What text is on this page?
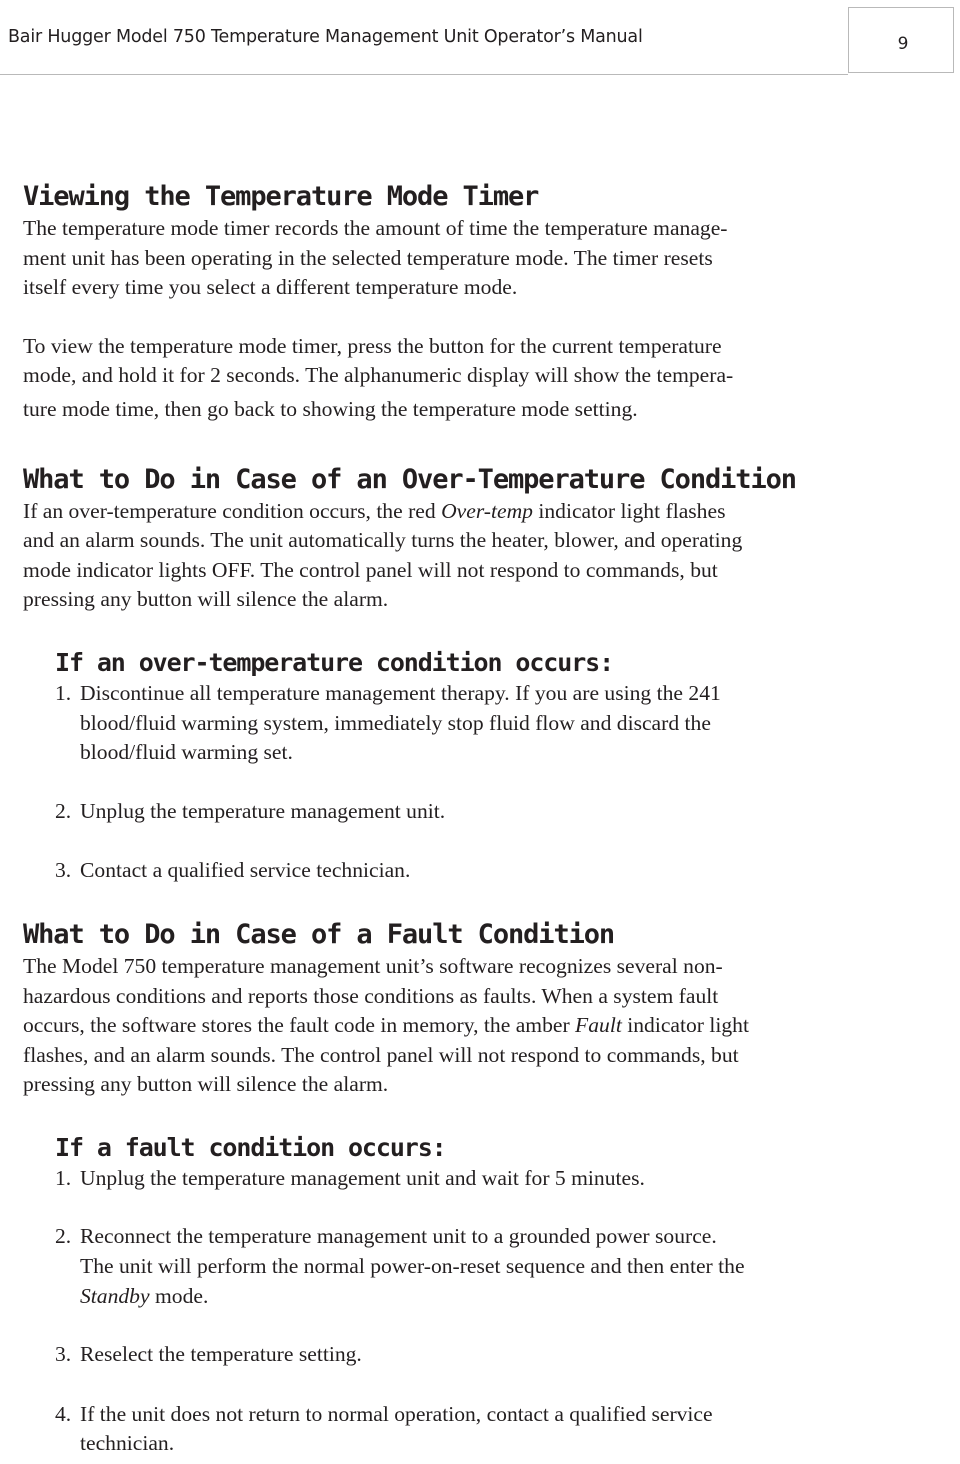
Bair Hugger Model 750 Temperature Management Unit Operator’s Manual	9
Viewing the Temperature Mode Timer

The temperature mode timer records the amount of time the temperature manage-
ment unit has been operating in the selected temperature mode. The timer resets
itself every time you select a different temperature mode.

To view the temperature mode timer, press the button for the current temperature
mode, and hold it for 2 seconds. The alphanumeric display will show the tempera-
ture mode time, then go back to showing the temperature mode setting.

What to Do in Case of an Over-Temperature Condition

If an over-temperature condition occurs, the red Over-temp indicator light flashes
and an alarm sounds. The unit automatically turns the heater, blower, and operating
mode indicator lights OFF. The control panel will not respond to commands, but
pressing any button will silence the alarm.

If an over-temperature condition occurs:
1. Discontinue all temperature management therapy. If you are using the 241
blood/fluid warming system, immediately stop fluid flow and discard the
blood/fluid warming set.
2. Unplug the temperature management unit.
3. Contact a qualified service technician.
What to Do in Case of a Fault Condition

The Model 750 temperature management unit’s software recognizes several non-
hazardous conditions and reports those conditions as faults. When a system fault
occurs, the software stores the fault code in memory, the amber Fault indicator light
flashes, and an alarm sounds. The control panel will not respond to commands, but
pressing any button will silence the alarm.

If a fault condition occurs:
1. Unplug the temperature management unit and wait for 5 minutes.
2. Reconnect the temperature management unit to a grounded power source.
The unit will perform the normal power-on-reset sequence and then enter the
Standby mode.
3. Reselect the temperature setting.
4. If the unit does not return to normal operation, contact a qualified service
technician.
